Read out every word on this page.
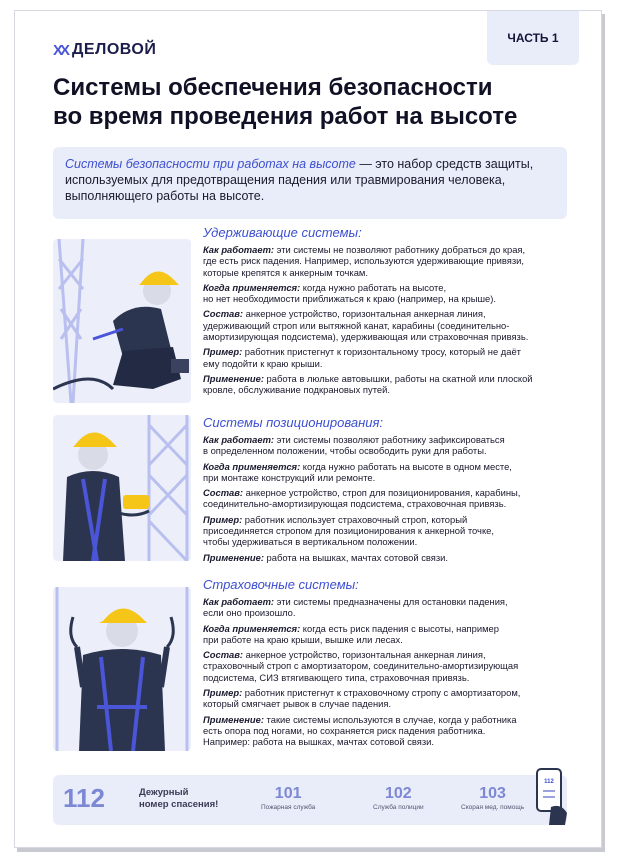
ЧАСТЬ 1
XX ДЕЛОВОЙ
Системы обеспечения безопасности
во время проведения работ на высоте
Системы безопасности при работах на высоте — это набор средств защиты,
используемых для предотвращения падения или травмирования человека,
выполняющего работы на высоте.
Удерживающие системы:
Как работает: эти системы не позволяют работнику добраться до края,
где есть риск падения. Например, используются удерживающие привязи,
которые крепятся к анкерным точкам.
Когда применяется: когда нужно работать на высоте,
но нет необходимости приближаться к краю (например, на крыше).
Состав: анкерное устройство, горизонтальная анкерная линия,
удерживающий строп или вытяжной канат, карабины (соединительно-
амортизирующая подсистема), удерживающая или страховочная привязь.
Пример: работник пристегнут к горизонтальному тросу, который не даёт
ему подойти к краю крыши.
Применение: работа в люльке автовышки, работы на скатной или плоской
кровле, обслуживание подкрановых путей.
Системы позиционирования:
Как работает: эти системы позволяют работнику зафиксироваться
в определенном положении, чтобы освободить руки для работы.
Когда применяется: когда нужно работать на высоте в одном месте,
при монтаже конструкций или ремонте.
Состав: анкерное устройство, строп для позиционирования, карабины,
соединительно-амортизирующая подсистема, страховочная привязь.
Пример: работник использует страховочный строп, который
присоединяется стропом для позиционирования к анкерной точке,
чтобы удерживаться в вертикальном положении.
Применение: работа на вышках, мачтах сотовой связи.
Страховочные системы:
Как работает: эти системы предназначены для остановки падения,
если оно произошло.
Когда применяется: когда есть риск падения с высоты, например
при работе на краю крыши, вышке или лесах.
Состав: анкерное устройство, горизонтальная анкерная линия,
страховочный строп с амортизатором, соединительно-амортизирующая
подсистема, СИЗ втягивающего типа, страховочная привязь.
Пример: работник пристегнут к страховочному стропу с амортизатором,
который смягчает рывок в случае падения.
Применение: такие системы используются в случае, когда у работника
есть опора под ногами, но сохраняется риск падения работника.
Например: работа на вышках, мачтах сотовой связи.
112	Дежурный
номер спасения!
101
Пожарная служба
102
Служба полиции
103
Скорая мед. помощь
112
